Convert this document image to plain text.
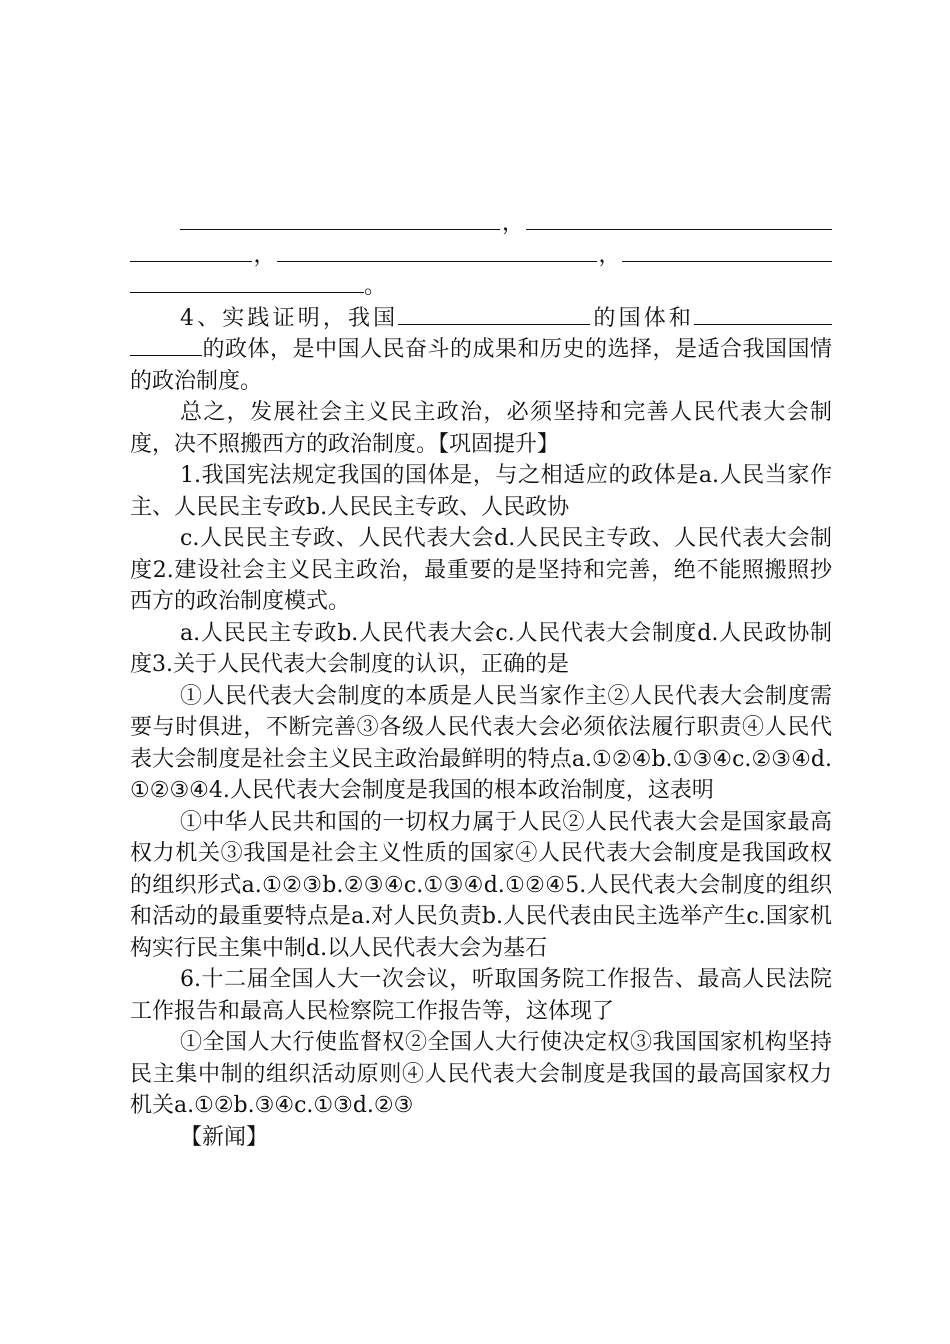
，，	，。

4、实践证明，我国	的国体和的政体，是中国人民奋斗的成果和历史的选择，是适合我国国情的政治制度。

总之，发展社会主义民主政治，必须坚持和完善人民代表大会制度，决不照搬西方的政治制度。【巩固提升】

1.我国宪法规定我国的国体是，与之相适应的政体是a.人民当家作主、人民民主专政b.人民民主专政、人民政协

c.人民民主专政、人民代表大会d.人民民主专政、人民代表大会制度2.建设社会主义民主政治，最重要的是坚持和完善，绝不能照搬照抄西方的政治制度模式。

a.人民民主专政b.人民代表大会c.人民代表大会制度d.人民政协制度3.关于人民代表大会制度的认识，正确的是

①人民代表大会制度的本质是人民当家作主②人民代表大会制度需要与时俱进，不断完善③各级人民代表大会必须依法履行职责④人民代表大会制度是社会主义民主政治最鲜明的特点a.①②④b.①③④c.②③④d.①②③④4.人民代表大会制度是我国的根本政治制度，这表明

①中华人民共和国的一切权力属于人民②人民代表大会是国家最高权力机关③我国是社会主义性质的国家④人民代表大会制度是我国政权的组织形式a.①②③b.②③④c.①③④d.①②④5.人民代表大会制度的组织和活动的最重要特点是a.对人民负责b.人民代表由民主选举产生c.国家机构实行民主集中制d.以人民代表大会为基石

6.十二届全国人大一次会议，听取国务院工作报告、最高人民法院工作报告和最高人民检察院工作报告等，这体现了

①全国人大行使监督权②全国人大行使决定权③我国国家机构坚持民主集中制的组织活动原则④人民代表大会制度是我国的最高国家权力机关a.①②b.③④c.①③d.②③

【新闻】
